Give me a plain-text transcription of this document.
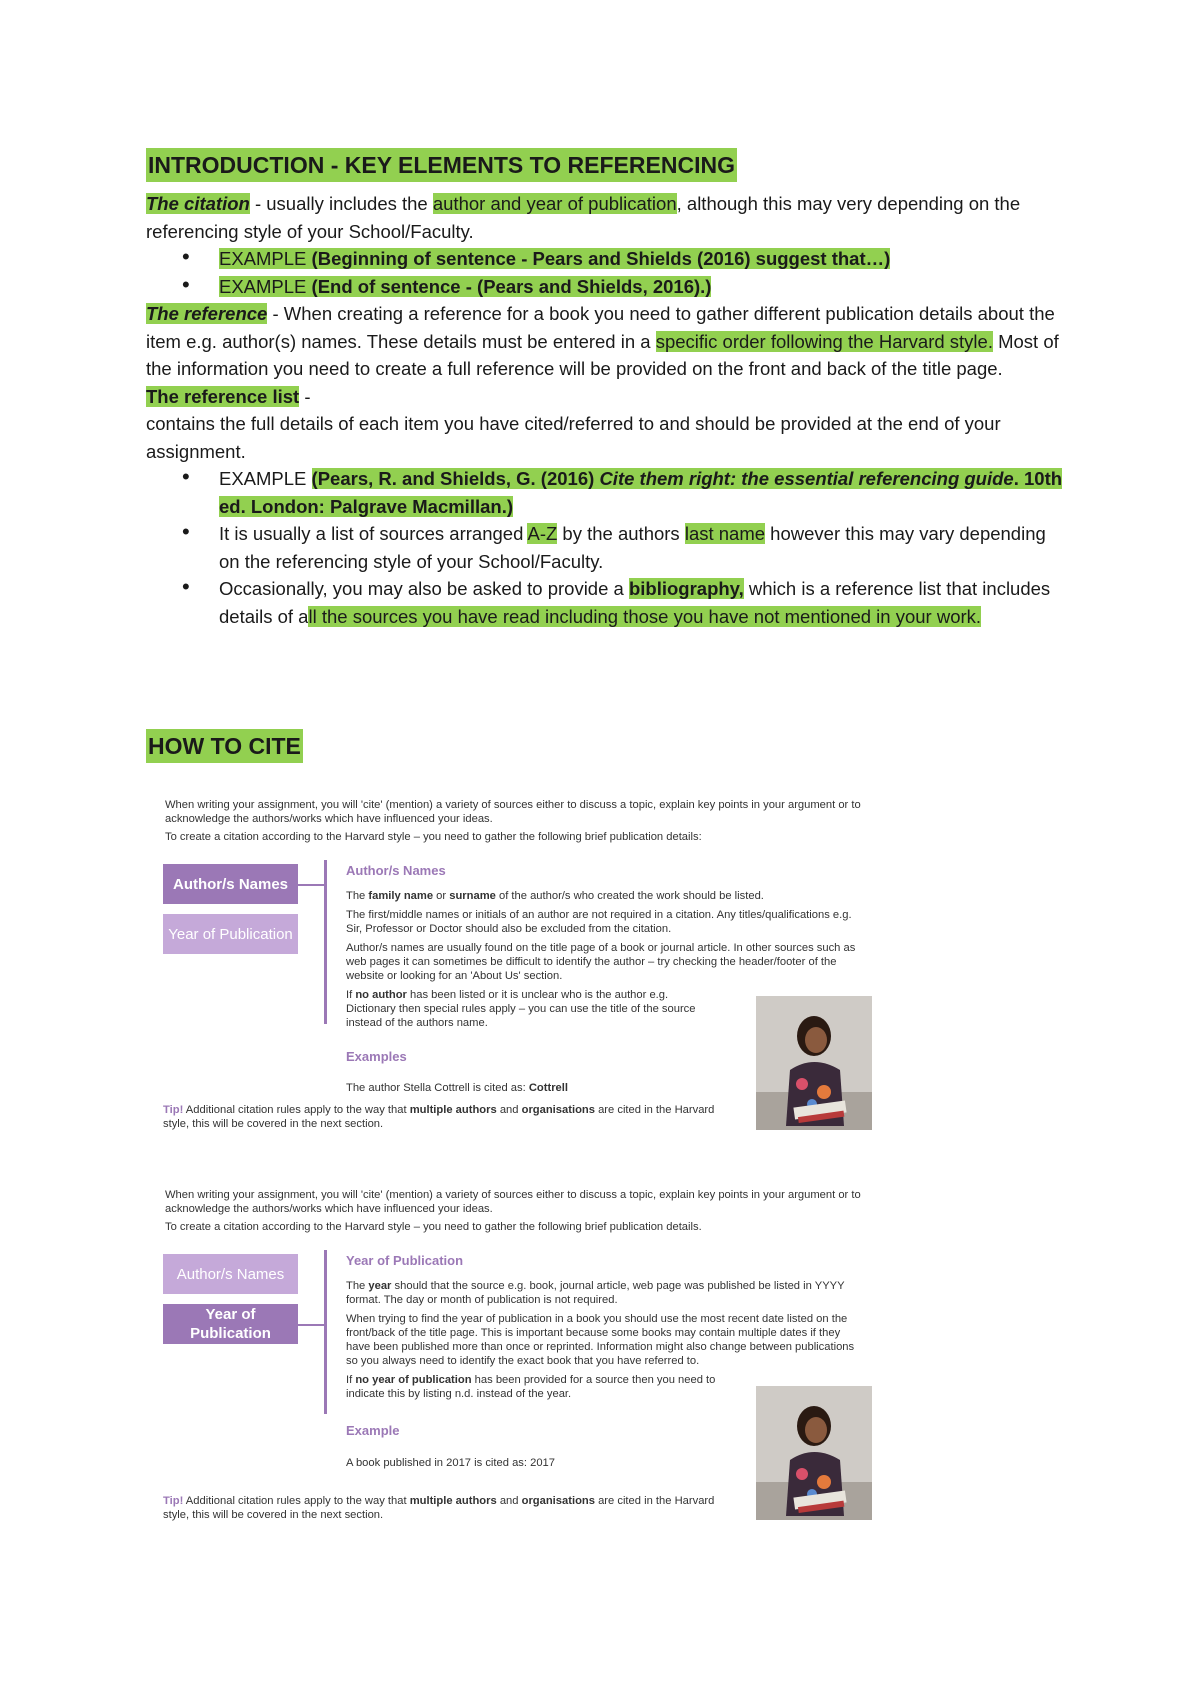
INTRODUCTION - KEY ELEMENTS TO REFERENCING

The citation - usually includes the author and year of publication, although this may very depending on the referencing style of your School/Faculty.

• EXAMPLE (Beginning of sentence - Pears and Shields (2016) suggest that…)
• EXAMPLE (End of sentence - (Pears and Shields, 2016).)

The reference - When creating a reference for a book you need to gather different publication details about the item e.g. author(s) names. These details must be entered in a specific order following the Harvard style. Most of the information you need to create a full reference will be provided on the front and back of the title page.

The reference list -

contains the full details of each item you have cited/referred to and should be provided at the end of your assignment.

• EXAMPLE (Pears, R. and Shields, G. (2016) Cite them right: the essential referencing guide. 10th ed. London: Palgrave Macmillan.)
• It is usually a list of sources arranged A-Z by the authors last name however this may vary depending on the referencing style of your School/Faculty.
• Occasionally, you may also be asked to provide a bibliography, which is a reference list that includes details of all the sources you have read including those you have not mentioned in your work.
HOW TO CITE

When writing your assignment, you will 'cite' (mention) a variety of sources either to discuss a topic, explain key points in your argument or to acknowledge the authors/works which have influenced your ideas.

To create a citation according to the Harvard style – you need to gather the following brief publication details:

Author/s Names
Year of Publication
Author/s Names

The family name or surname of the author/s who created the work should be listed.

The first/middle names or initials of an author are not required in a citation. Any titles/qualifications e.g. Sir, Professor or Doctor should also be excluded from the citation.

Author/s names are usually found on the title page of a book or journal article. In other sources such as web pages it can sometimes be difficult to identify the author – try checking the header/footer of the website or looking for an 'About Us' section.

If no author has been listed or it is unclear who is the author e.g. Dictionary then special rules apply – you can use the title of the source instead of the authors name.

Examples
The author Stella Cottrell is cited as: Cottrell
Tip! Additional citation rules apply to the way that multiple authors and organisations are cited in the Harvard style, this will be covered in the next section.

When writing your assignment, you will 'cite' (mention) a variety of sources either to discuss a topic, explain key points in your argument or to acknowledge the authors/works which have influenced your ideas.

To create a citation according to the Harvard style – you need to gather the following brief publication details.

Author/s Names
Year of Publication
Year of Publication

The year should that the source e.g. book, journal article, web page was published be listed in YYYY format. The day or month of publication is not required.

When trying to find the year of publication in a book you should use the most recent date listed on the front/back of the title page. This is important because some books may contain multiple dates if they have been published more than once or reprinted. Information might also change between publications so you always need to identify the exact book that you have referred to.

If no year of publication has been provided for a source then you need to indicate this by listing n.d. instead of the year.

Example
A book published in 2017 is cited as: 2017
Tip! Additional citation rules apply to the way that multiple authors and organisations are cited in the Harvard style, this will be covered in the next section.
